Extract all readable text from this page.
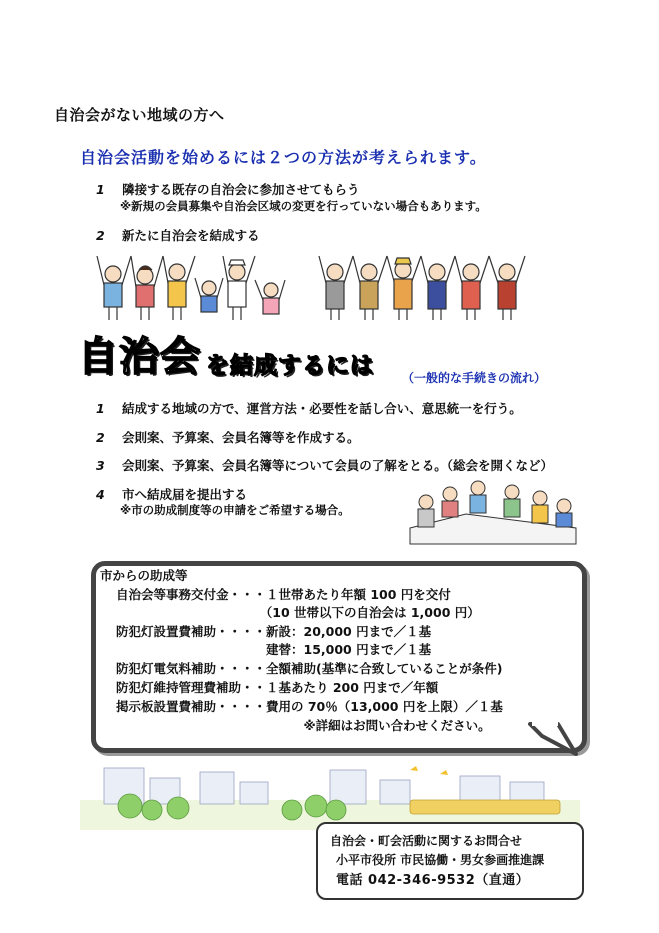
自治会がない地域の方へ
自治会活動を始めるには２つの方法が考えられます。
1 隣接する既存の自治会に参加させてもらう
※新規の会員募集や自治会区域の変更を行っていない場合もあります。
2 新たに自治会を結成する
自治会 を結成するには （一般的な手続きの流れ）
1 結成する地域の方で、運営方法・必要性を話し合い、意思統一を行う。
2 会則案、予算案、会員名簿等を作成する。
3 会則案、予算案、会員名簿等について会員の了解をとる。（総会を開くなど）
4 市へ結成届を提出する
※市の助成制度等の申請をご希望する場合。
市からの助成等
自治会等事務交付金・・・１世帯あたり年額 100 円を交付
　　　　　　　　　　　　（10 世帯以下の自治会は 1,000 円）
防犯灯設置費補助・・・・新設：20,000 円まで／１基
　　　　　　　　　　　　建替：15,000 円まで／１基
防犯灯電気料補助・・・・全額補助(基準に合致していることが条件)
防犯灯維持管理費補助・・１基あたり 200 円まで／年額
掲示板設置費補助・・・・費用の 70％（13,000 円を上限）／１基
　　　　　　　　　　　　　　　※詳細はお問い合わせください。
自治会・町会活動に関するお問合せ
小平市役所 市民協働・男女参画推進課
電話 042-346-9532（直通）
